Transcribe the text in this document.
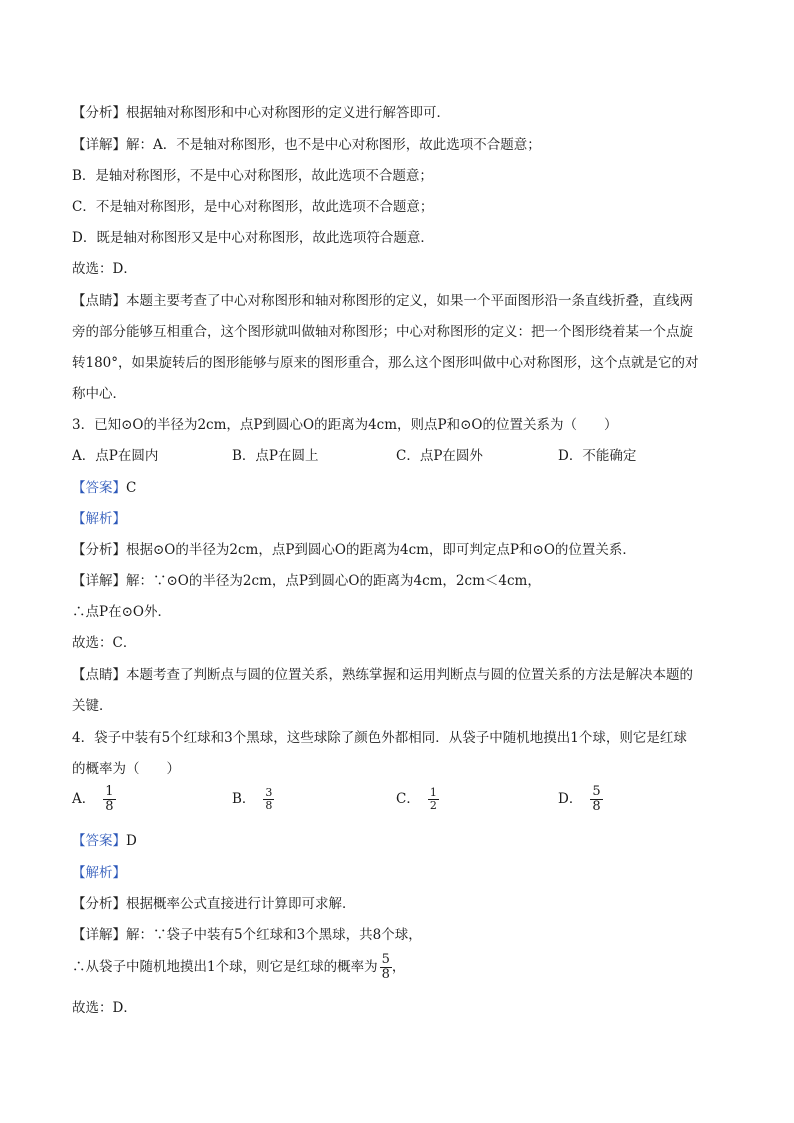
【分析】根据轴对称图形和中心对称图形的定义进行解答即可．
【详解】解：A．不是轴对称图形，也不是中心对称图形，故此选项不合题意；
B．是轴对称图形，不是中心对称图形，故此选项不合题意；
C．不是轴对称图形，是中心对称图形，故此选项不合题意；
D．既是轴对称图形又是中心对称图形，故此选项符合题意．
故选：D．
【点睛】本题主要考查了中心对称图形和轴对称图形的定义，如果一个平面图形沿一条直线折叠，直线两
旁的部分能够互相重合，这个图形就叫做轴对称图形；中心对称图形的定义：把一个图形绕着某一个点旋
转180°，如果旋转后的图形能够与原来的图形重合，那么这个图形叫做中心对称图形，这个点就是它的对
称中心．
3．已知⊙O的半径为2cm，点P到圆心O的距离为4cm，则点P和⊙O的位置关系为（　　）
A．点P在圆内	B．点P在圆上	C．点P在圆外	D．不能确定
【答案】C
【解析】
【分析】根据⊙O的半径为2cm，点P到圆心O的距离为4cm，即可判定点P和⊙O的位置关系．
【详解】解：∵⊙O的半径为2cm，点P到圆心O的距离为4cm，2cm＜4cm，
∴点P在⊙O外．
故选：C．
【点睛】本题考查了判断点与圆的位置关系，熟练掌握和运用判断点与圆的位置关系的方法是解决本题的
关键．
4．袋子中装有5个红球和3个黑球，这些球除了颜色外都相同．从袋子中随机地摸出1个球，则它是红球
的概率为（　　）
A． $\frac{1}{8}$	B． $\frac{3}{8}$	C． $\frac{1}{2}$	D． $\frac{5}{8}$
【答案】D
【解析】
【分析】根据概率公式直接进行计算即可求解．
【详解】解：∵袋子中装有5个红球和3个黑球，共8个球，
∴从袋子中随机地摸出1个球，则它是红球的概率为 $\frac{5}{8}$ ，
故选：D．
